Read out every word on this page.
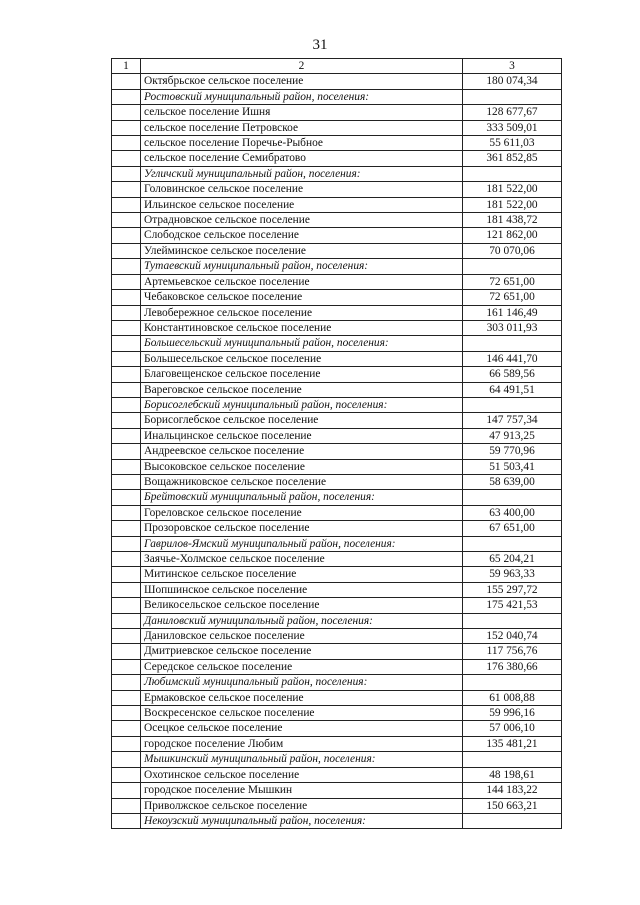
31
1	2	3
	Октябрьское сельское поселение	180 074,34
	Ростовский муниципальный район, поселения:	
	сельское поселение Ишня	128 677,67
	сельское поселение Петровское	333 509,01
	сельское поселение Поречье-Рыбное	55 611,03
	сельское поселение Семибратово	361 852,85
	Угличский муниципальный район, поселения:	
	Головинское сельское поселение	181 522,00
	Ильинское сельское поселение	181 522,00
	Отрадновское сельское поселение	181 438,72
	Слободское сельское поселение	121 862,00
	Улейминское сельское поселение	70 070,06
	Тутаевский муниципальный район, поселения:	
	Артемьевское сельское поселение	72 651,00
	Чебаковское сельское поселение	72 651,00
	Левобережное сельское поселение	161 146,49
	Константиновское сельское поселение	303 011,93
	Большесельский муниципальный район, поселения:	
	Большесельское сельское поселение	146 441,70
	Благовещенское сельское поселение	66 589,56
	Вареговское сельское поселение	64 491,51
	Борисоглебский муниципальный район, поселения:	
	Борисоглебское сельское поселение	147 757,34
	Инальцинское сельское поселение	47 913,25
	Андреевское сельское поселение	59 770,96
	Высоковское сельское поселение	51 503,41
	Вощажниковское сельское поселение	58 639,00
	Брейтовский муниципальный район, поселения:	
	Гореловское сельское поселение	63 400,00
	Прозоровское сельское поселение	67 651,00
	Гаврилов-Ямский муниципальный район, поселения:	
	Заячье-Холмское сельское поселение	65 204,21
	Митинское сельское поселение	59 963,33
	Шопшинское сельское поселение	155 297,72
	Великосельское сельское поселение	175 421,53
	Даниловский муниципальный район, поселения:	
	Даниловское сельское поселение	152 040,74
	Дмитриевское сельское поселение	117 756,76
	Середское сельское поселение	176 380,66
	Любимский муниципальный район, поселения:	
	Ермаковское сельское поселение	61 008,88
	Воскресенское сельское поселение	59 996,16
	Осецкое сельское поселение	57 006,10
	городское поселение Любим	135 481,21
	Мышкинский муниципальный район, поселения:	
	Охотинское сельское поселение	48 198,61
	городское поселение Мышкин	144 183,22
	Приволжское сельское поселение	150 663,21
	Некоузский муниципальный район, поселения:	
